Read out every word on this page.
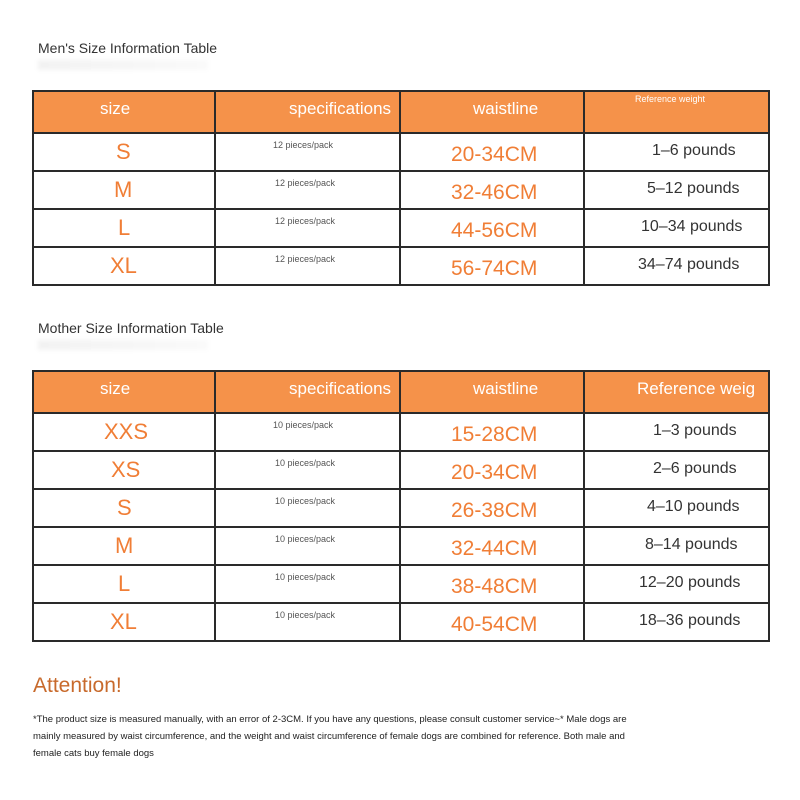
Men's Size Information Table
size	specifications	waistline	Reference weight

S	12 pieces/pack	20-34CM	1–6 pounds

M	12 pieces/pack	32-46CM	5–12 pounds

L	12 pieces/pack	44-56CM	10–34 pounds

XL	12 pieces/pack	56-74CM	34–74 pounds
Mother Size Information Table
size	specifications	waistline	Reference weig

XXS	10 pieces/pack	15-28CM	1–3 pounds

XS	10 pieces/pack	20-34CM	2–6 pounds

S	10 pieces/pack	26-38CM	4–10 pounds

M	10 pieces/pack	32-44CM	8–14 pounds

L	10 pieces/pack	38-48CM	12–20 pounds

XL	10 pieces/pack	40-54CM	18–36 pounds
Attention!
*The product size is measured manually, with an error of 2-3CM. If you have any questions, please consult customer service~* Male dogs are mainly measured by waist circumference, and the weight and waist circumference of female dogs are combined for reference. Both male and female cats buy female dogs
